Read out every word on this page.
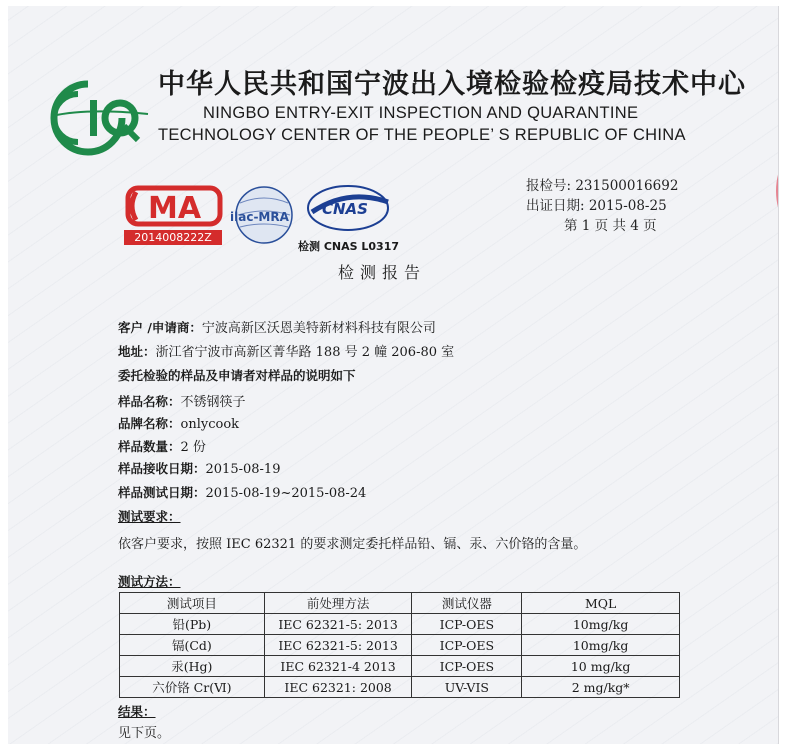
中华人民共和国宁波出入境检验检疫局技术中心
NINGBO ENTRY-EXIT INSPECTION AND QUARANTINE
TECHNOLOGY CENTER OF THE PEOPLE’ S REPUBLIC OF CHINA
MA
2014008222Z
ilac-MRA CNAS
检测 CNAS L0317
报检号: 231500016692
出证日期: 2015-08-25
第 1 页 共 4 页
检测报告
客户 /申请商：宁波高新区沃恩美特新材料科技有限公司
地址：浙江省宁波市高新区菁华路 188 号 2 幢 206-80 室
委托检验的样品及申请者对样品的说明如下
样品名称：不锈钢筷子
品牌名称：onlycook
样品数量：2 份
样品接收日期：2015-08-19
样品测试日期：2015-08-19~2015-08-24
测试要求：
依客户要求，按照 IEC 62321 的要求测定委托样品铅、镉、汞、六价铬的含量。
测试方法：
测试项目	前处理方法	测试仪器	MQL
铅(Pb)	IEC 62321-5: 2013	ICP-OES	10mg/kg
镉(Cd)	IEC 62321-5: 2013	ICP-OES	10mg/kg
汞(Hg)	IEC 62321-4 2013	ICP-OES	10 mg/kg
六价铬 Cr(Ⅵ)	IEC 62321: 2008	UV-VIS	2 mg/kg*
结果：
见下页。
